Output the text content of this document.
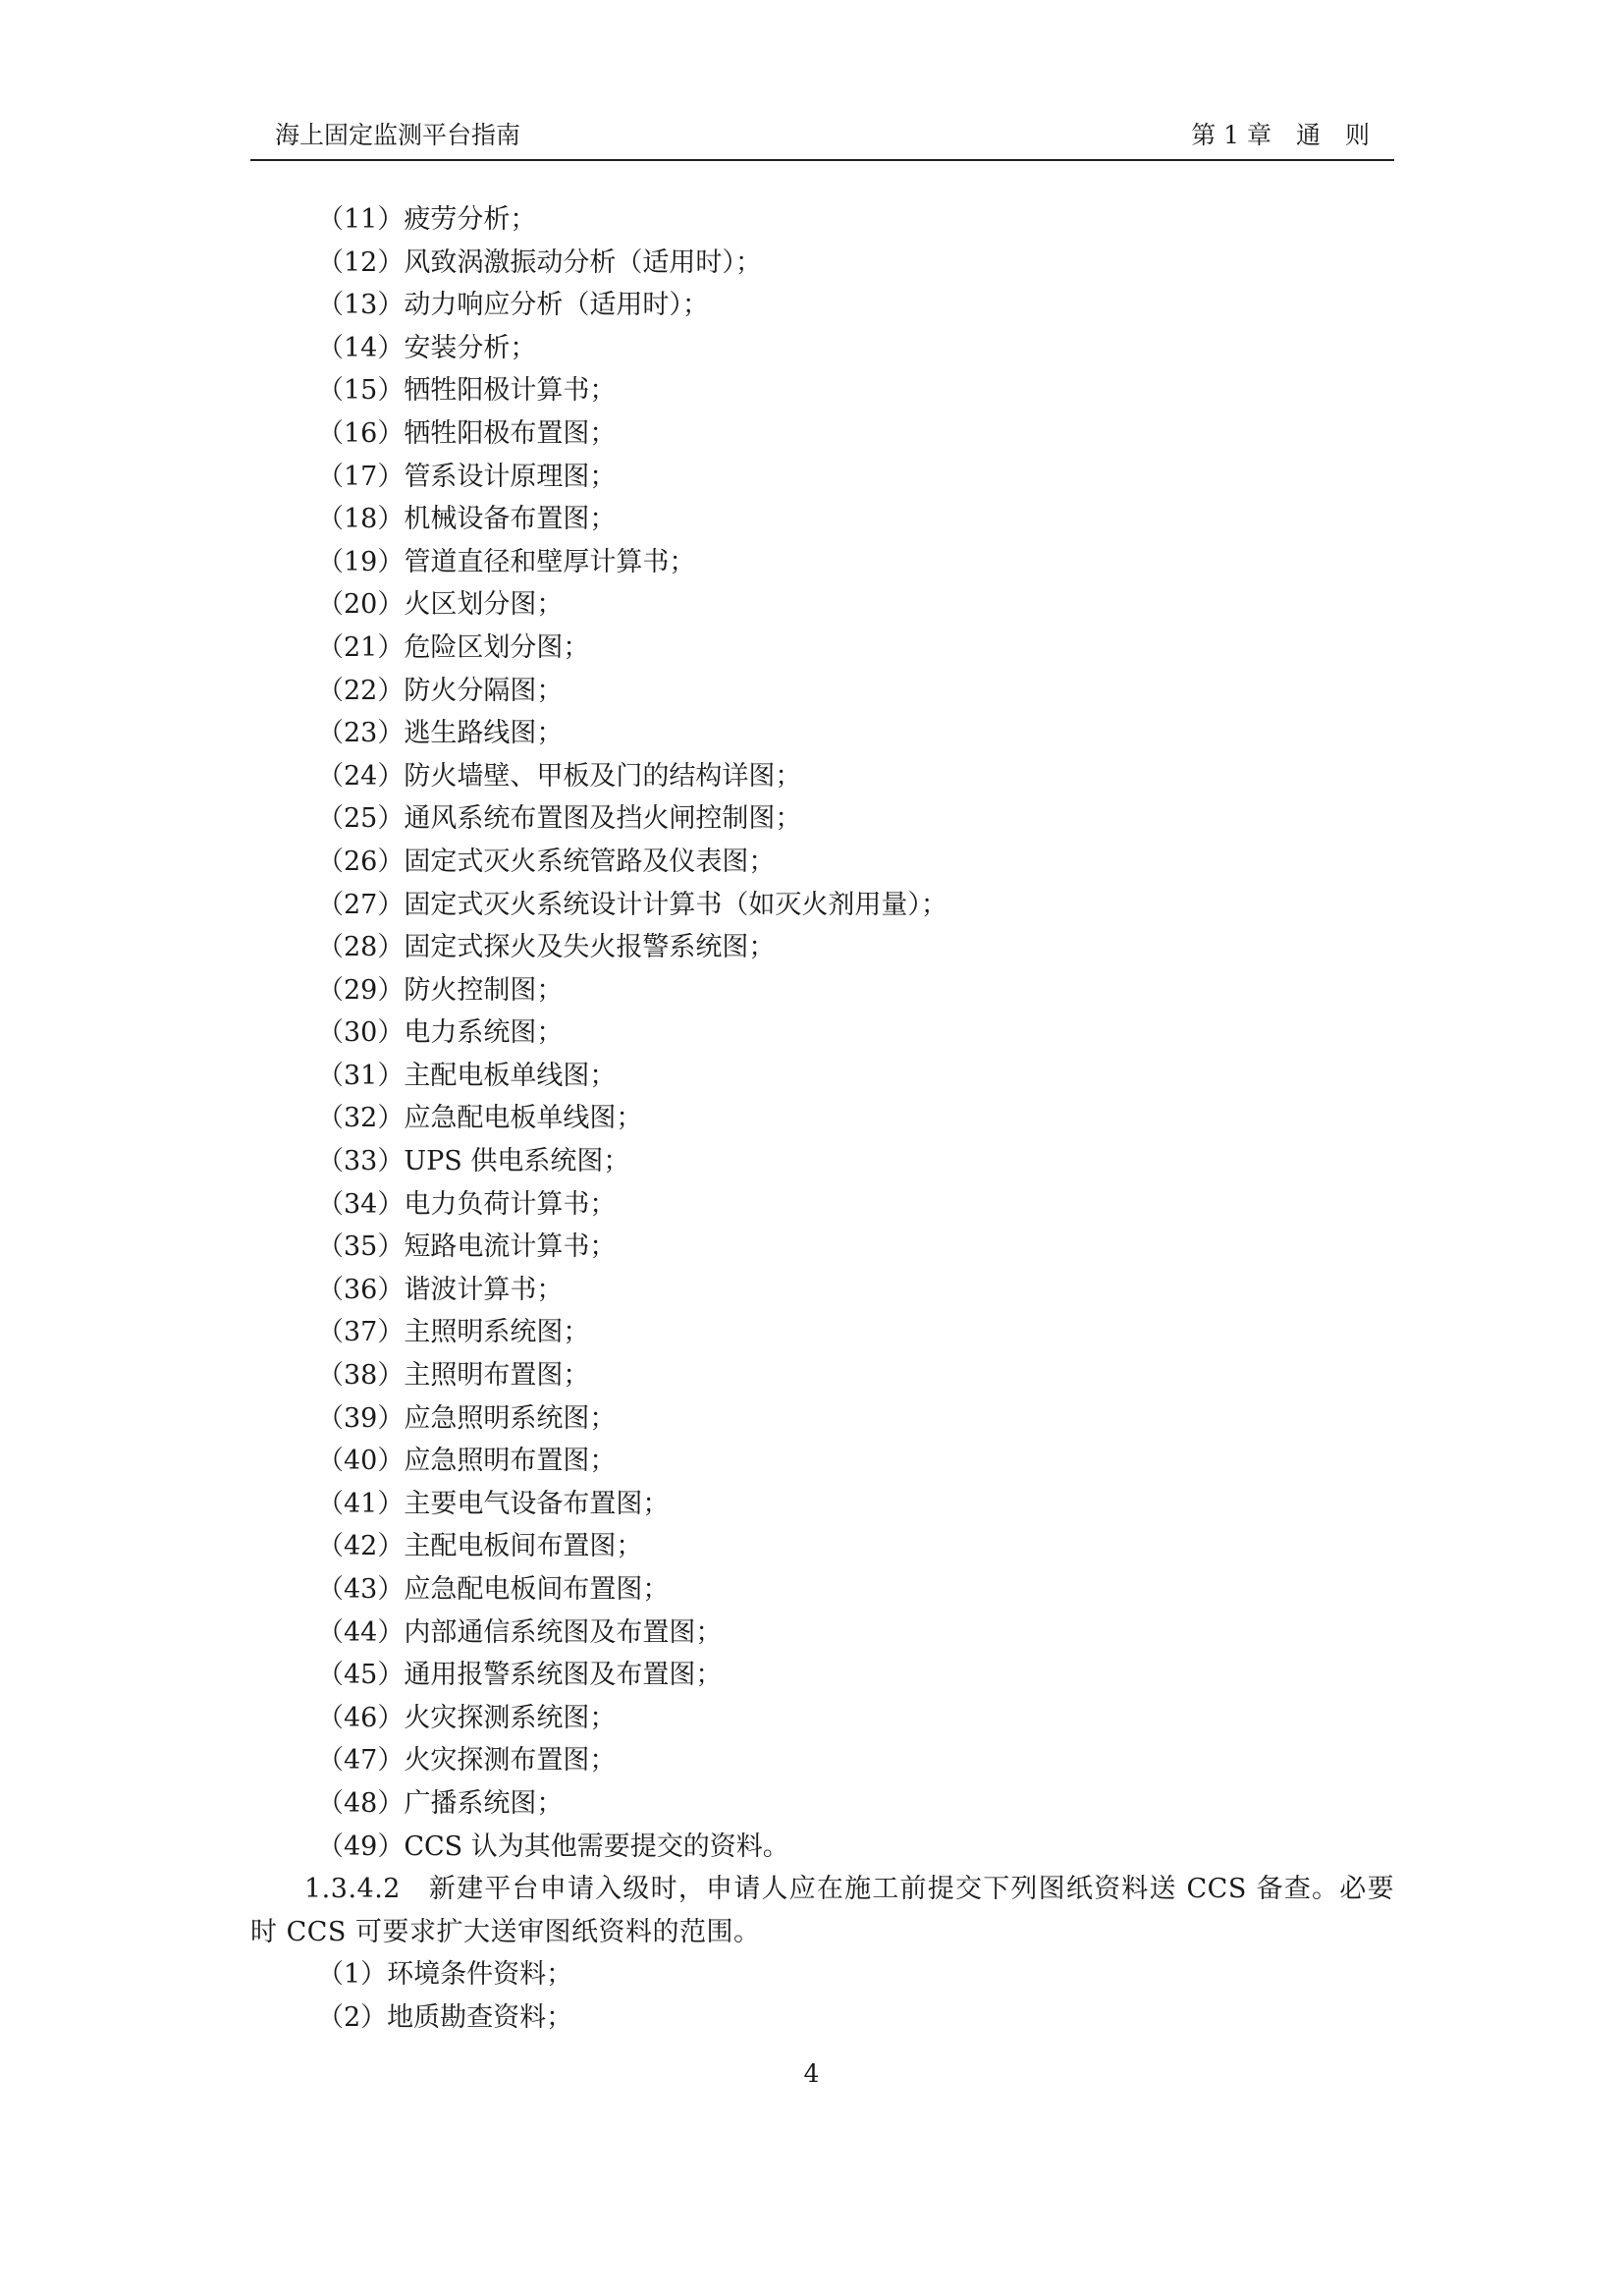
海上固定监测平台指南	第 1 章　通　则
（11）疲劳分析；
（12）风致涡激振动分析（适用时）；
（13）动力响应分析（适用时）；
（14）安装分析；
（15）牺牲阳极计算书；
（16）牺牲阳极布置图；
（17）管系设计原理图；
（18）机械设备布置图；
（19）管道直径和壁厚计算书；
（20）火区划分图；
（21）危险区划分图；
（22）防火分隔图；
（23）逃生路线图；
（24）防火墙壁、甲板及门的结构详图；
（25）通风系统布置图及挡火闸控制图；
（26）固定式灭火系统管路及仪表图；
（27）固定式灭火系统设计计算书（如灭火剂用量）；
（28）固定式探火及失火报警系统图；
（29）防火控制图；
（30）电力系统图；
（31）主配电板单线图；
（32）应急配电板单线图；
（33）UPS 供电系统图；
（34）电力负荷计算书；
（35）短路电流计算书；
（36）谐波计算书；
（37）主照明系统图；
（38）主照明布置图；
（39）应急照明系统图；
（40）应急照明布置图；
（41）主要电气设备布置图；
（42）主配电板间布置图；
（43）应急配电板间布置图；
（44）内部通信系统图及布置图；
（45）通用报警系统图及布置图；
（46）火灾探测系统图；
（47）火灾探测布置图；
（48）广播系统图；
（49）CCS 认为其他需要提交的资料。
1.3.4.2　新建平台申请入级时，申请人应在施工前提交下列图纸资料送 CCS 备查。必要时 CCS 可要求扩大送审图纸资料的范围。
（1）环境条件资料；
（2）地质勘查资料；
4
